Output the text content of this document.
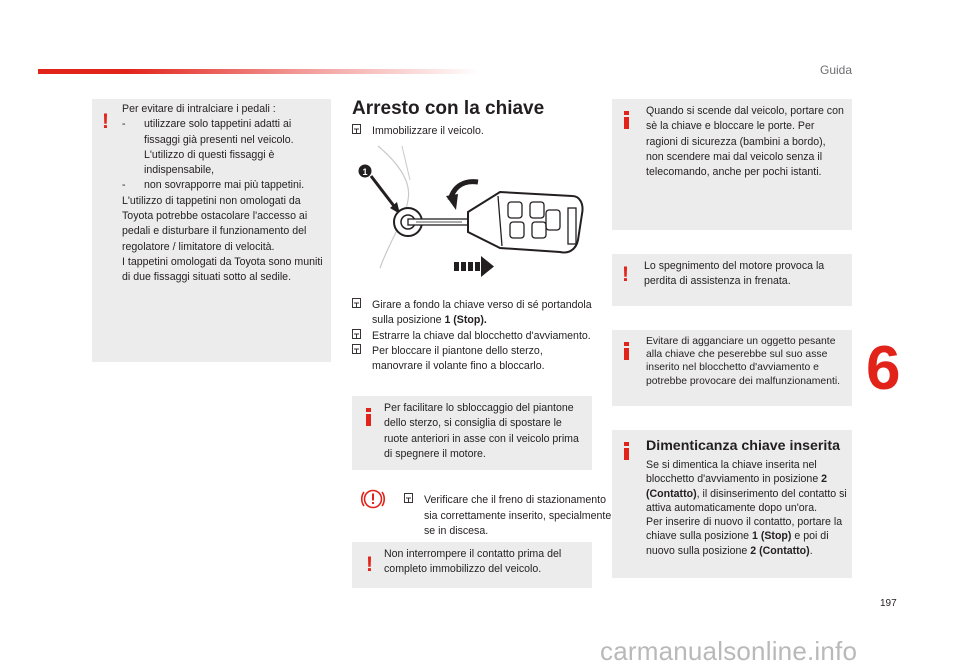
Guida
6
197
!
Per evitare di intralciare i pedali :
- utilizzare solo tappetini adatti ai fissaggi già presenti nel veicolo. L'utilizzo di questi fissaggi è indispensabile,
- non sovrapporre mai più tappetini.
L'utilizzo di tappetini non omologati da Toyota potrebbe ostacolare l'accesso ai pedali e disturbare il funzionamento del regolatore / limitatore di velocità.
I tappetini omologati da Toyota sono muniti di due fissaggi situati sotto al sedile.
Arresto con la chiave
Immobilizzare il veicolo.
1
Girare a fondo la chiave verso di sé portandola sulla posizione 1 (Stop).
Estrarre la chiave dal blocchetto d'avviamento.
Per bloccare il piantone dello sterzo, manovrare il volante fino a bloccarlo.
Per facilitare lo sbloccaggio del piantone dello sterzo, si consiglia di spostare le ruote anteriori in asse con il veicolo prima di spegnere il motore.
Verificare che il freno di stazionamento sia correttamente inserito, specialmente se in discesa.
! Non interrompere il contatto prima del completo immobilizzo del veicolo.
Quando si scende dal veicolo, portare con sè la chiave e bloccare le porte. Per ragioni di sicurezza (bambini a bordo), non scendere mai dal veicolo senza il telecomando, anche per pochi istanti.
! Lo spegnimento del motore provoca la perdita di assistenza in frenata.
Evitare di agganciare un oggetto pesante alla chiave che peserebbe sul suo asse inserito nel blocchetto d'avviamento e potrebbe provocare dei malfunzionamenti.
Dimenticanza chiave inserita
Se si dimentica la chiave inserita nel blocchetto d'avviamento in posizione 2 (Contatto), il disinserimento del contatto si attiva automaticamente dopo un'ora.
Per inserire di nuovo il contatto, portare la chiave sulla posizione 1 (Stop) e poi di nuovo sulla posizione 2 (Contatto).
carmanualsonline.info
